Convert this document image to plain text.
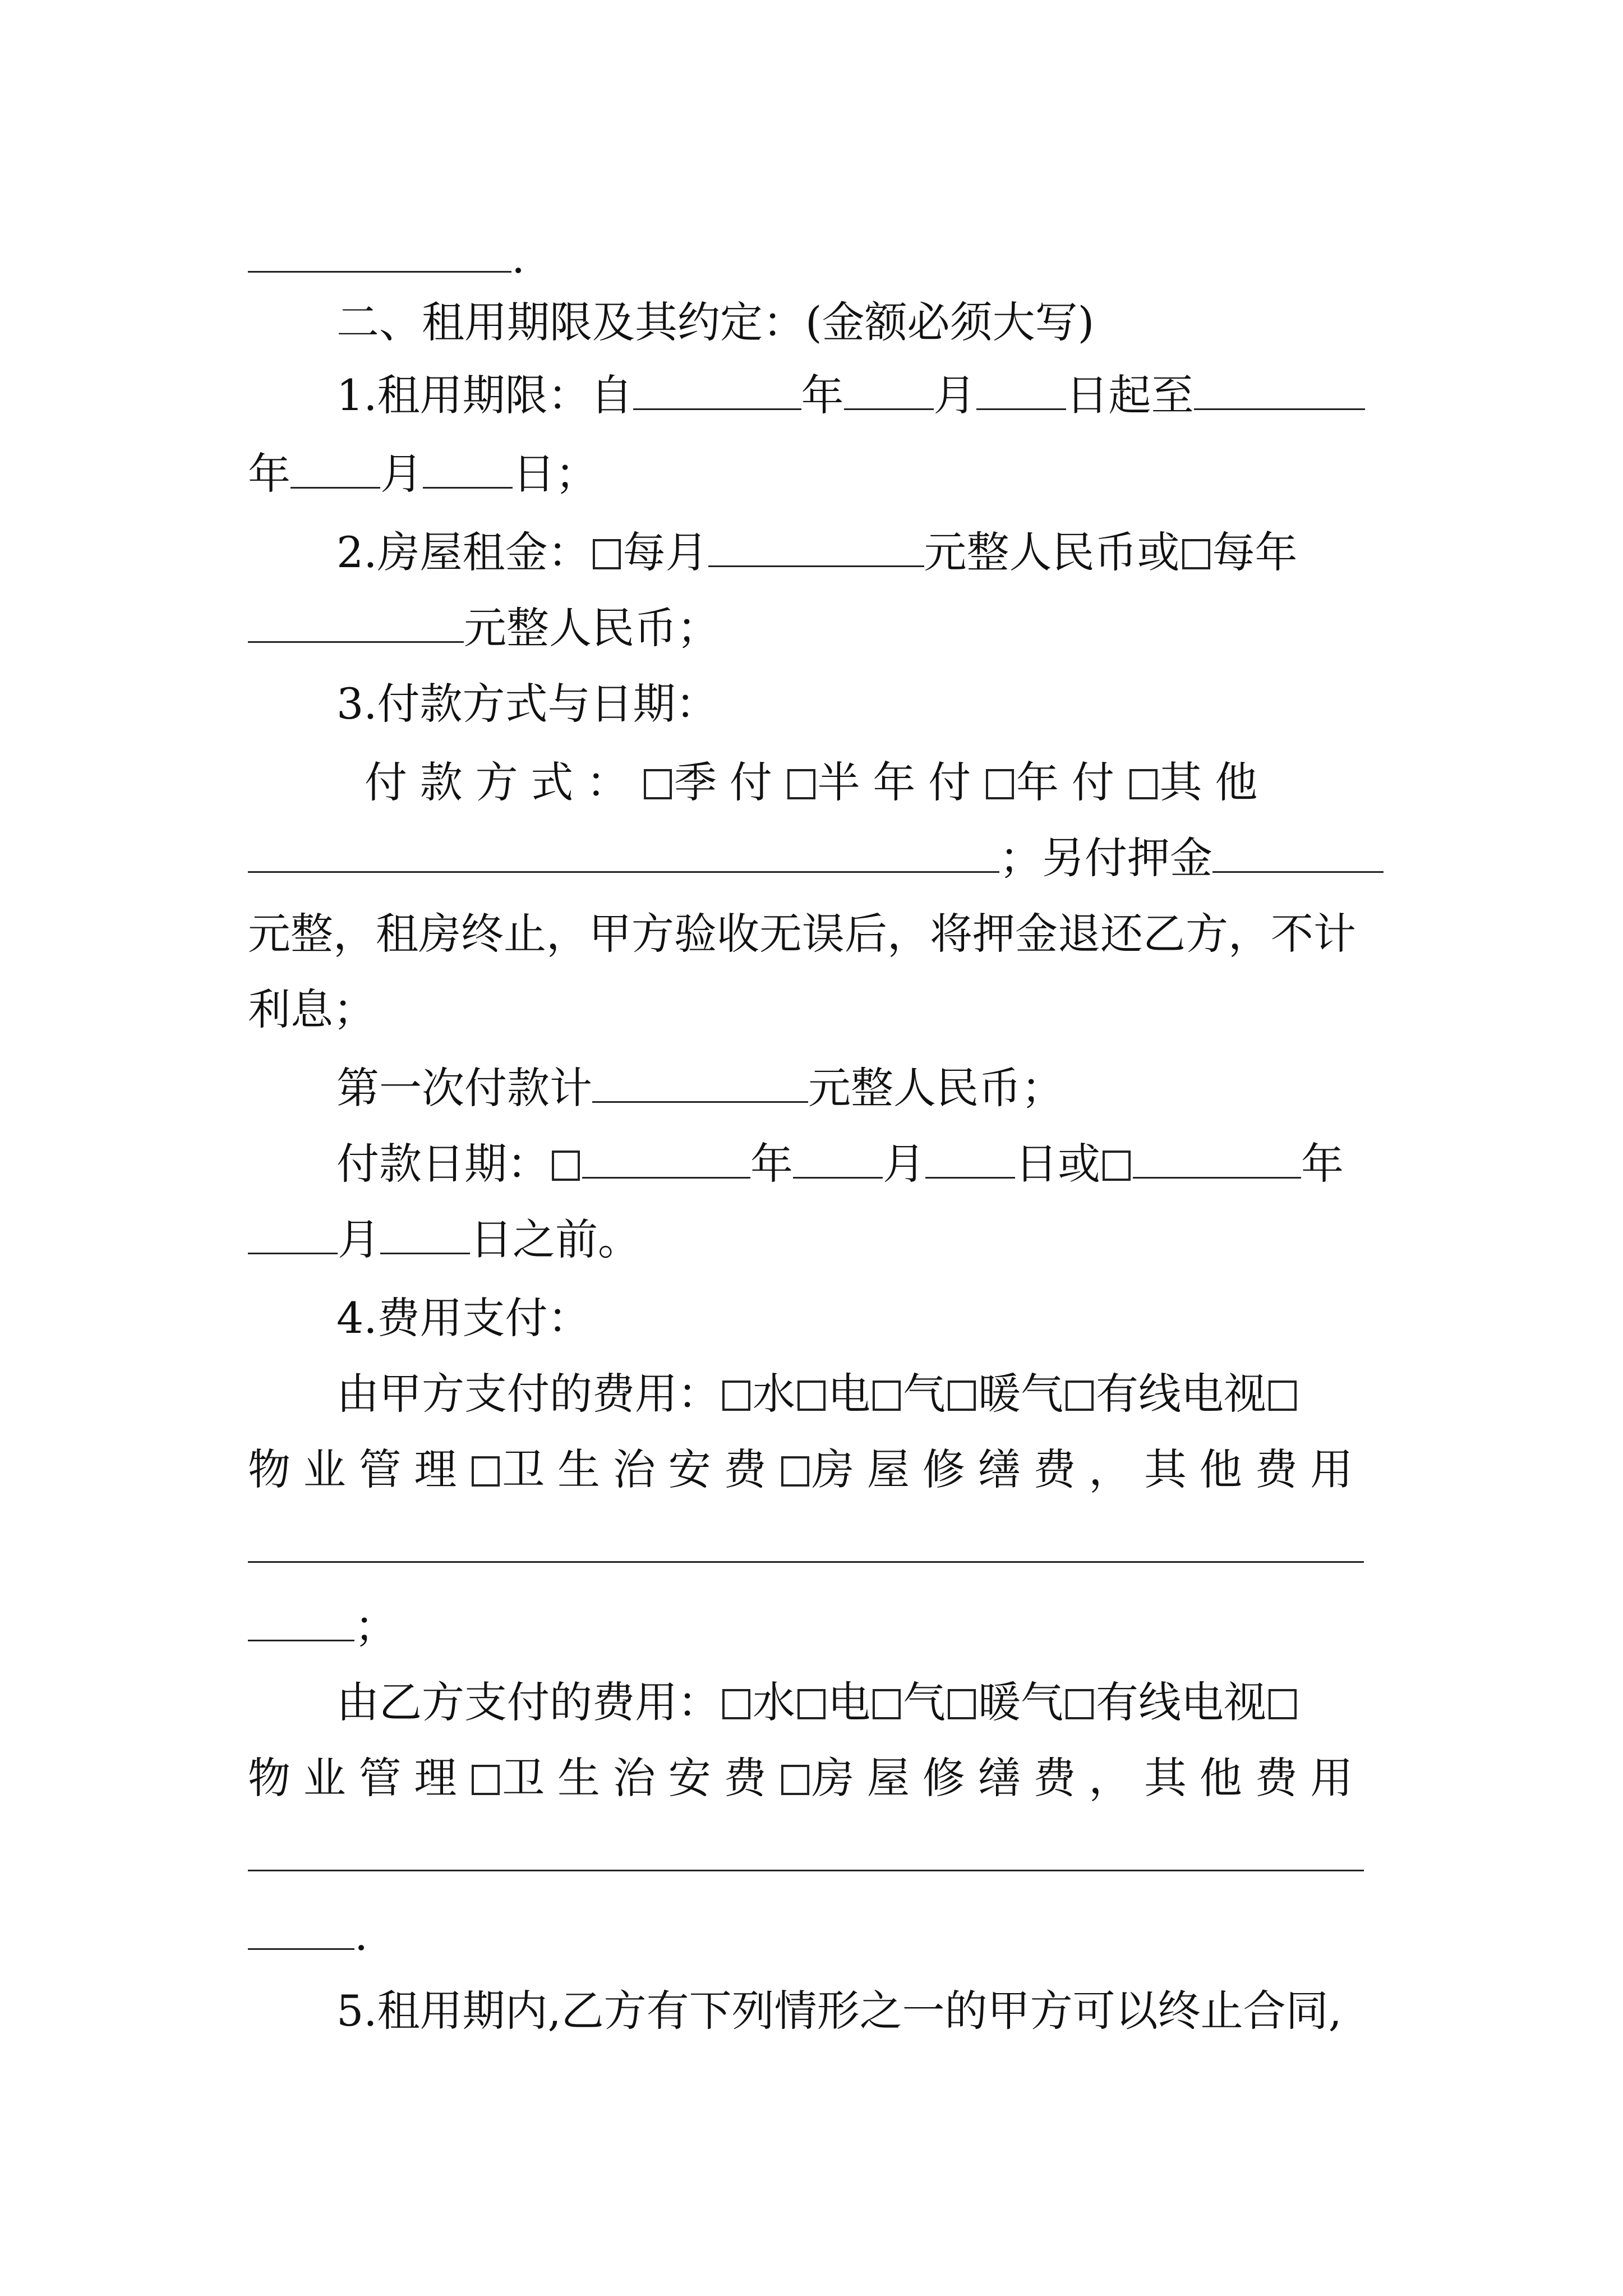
.
二、租用期限及其约定：(金额必须大写)
1.租用期限：自	年 月 日起至
年 月 日；
2.房屋租金： 每月	元整人民币或 每年
元整人民币；
3.付款方式与日期：
付款方式： 季付 半年付 年付 其他
；另付押金
元整，租房终止，甲方验收无误后，将押金退还乙方，不计
利息；
第一次付款计	元整人民币；
付款日期：	年 月 日或	年
月 日之前。
4.费用支付：
由甲方支付的费用： 水 电 气 暖气 有线电视
物业管理 卫生治安费 房屋修缮费，其他费用
；
由乙方支付的费用： 水 电 气 暖气 有线电视
物业管理 卫生治安费 房屋修缮费，其他费用
.
5.租用期内,乙方有下列情形之一的甲方可以终止合同,
